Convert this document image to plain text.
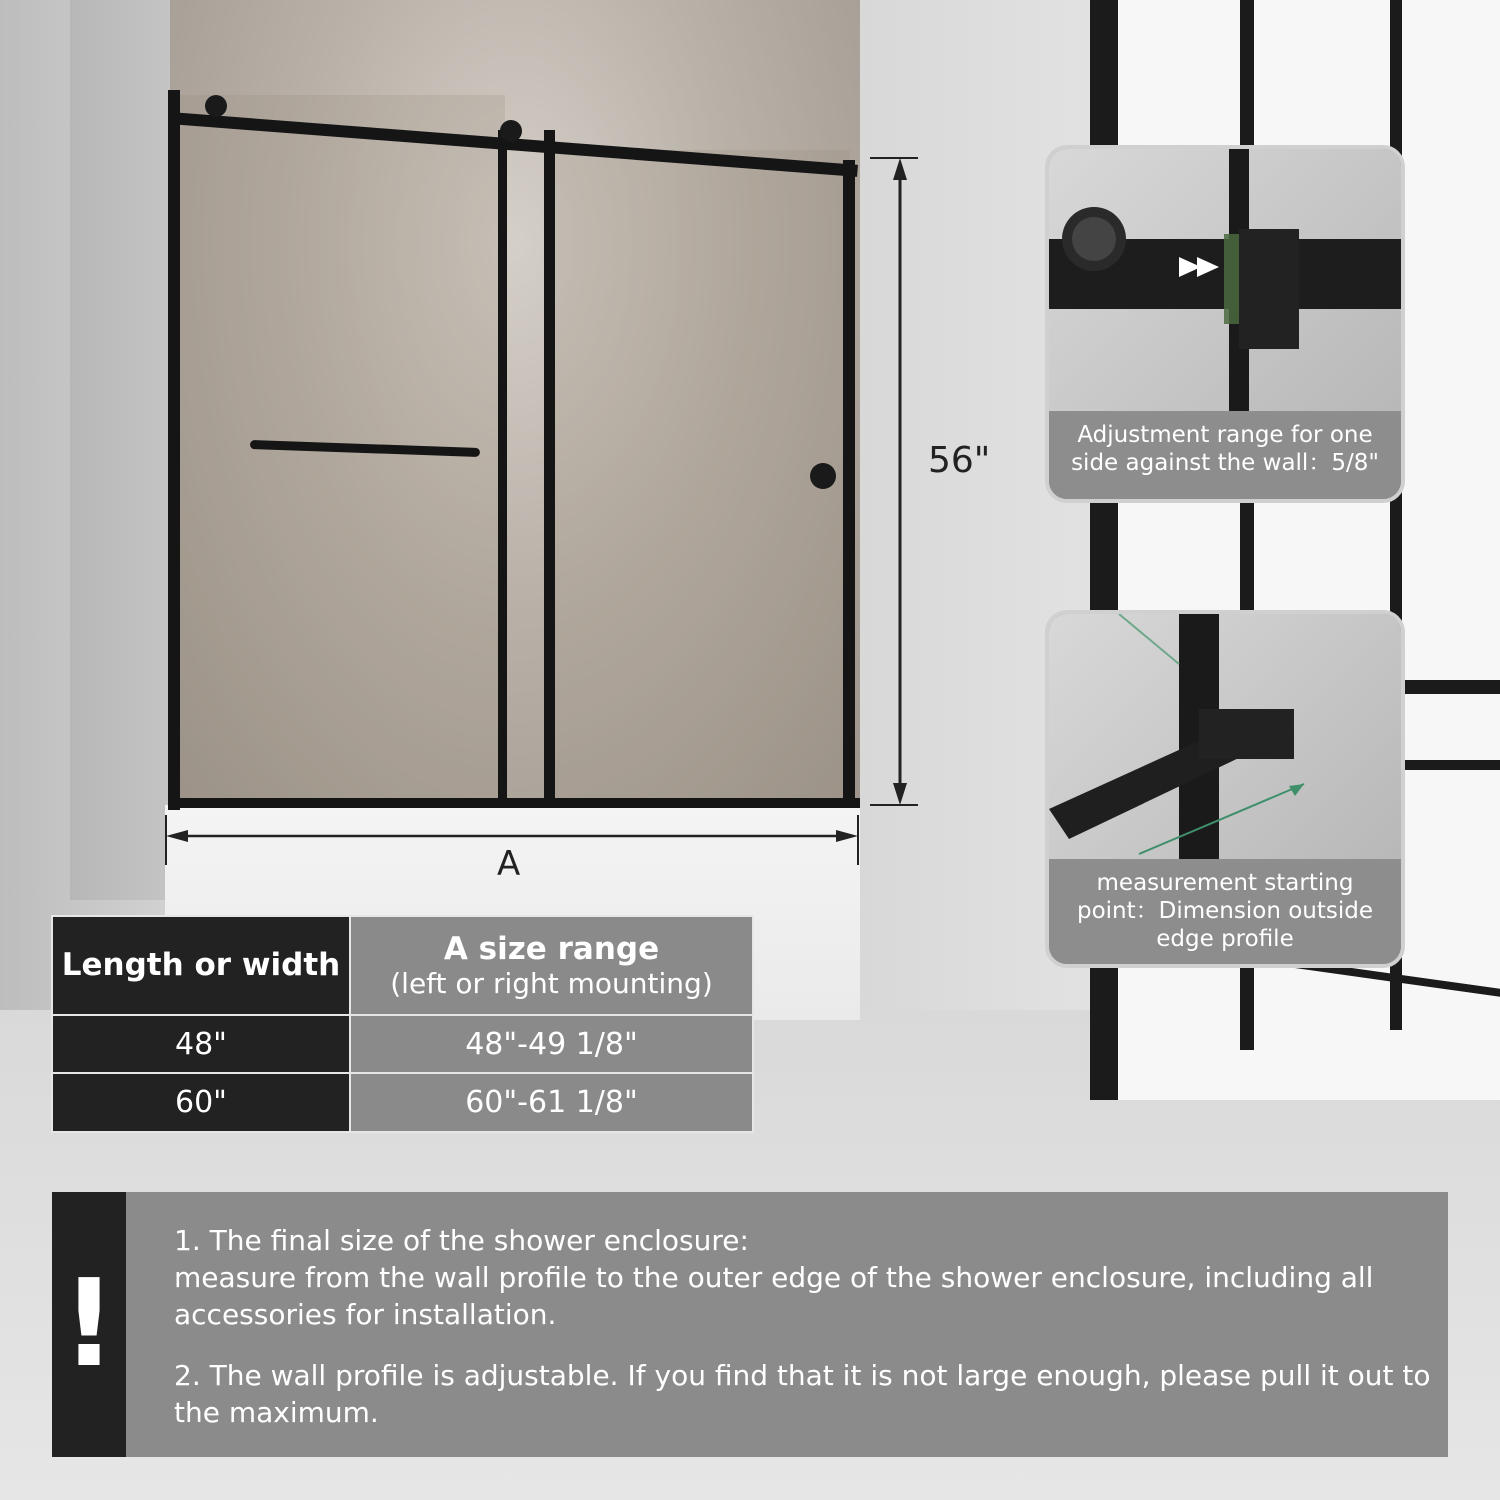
56"
A
Adjustment range for one
side against the wall：5/8"
measurement starting
point：Dimension outside
edge profile
Length or width	A size range
(left or right mounting)

48"	48"-49 1/8"
60"	60"-61 1/8"
!

1. The final size of the shower enclosure:
measure from the wall profile to the outer edge of the shower enclosure, including all accessories for installation.

2. The wall profile is adjustable. If you find that it is not large enough, please pull it out to the maximum.
